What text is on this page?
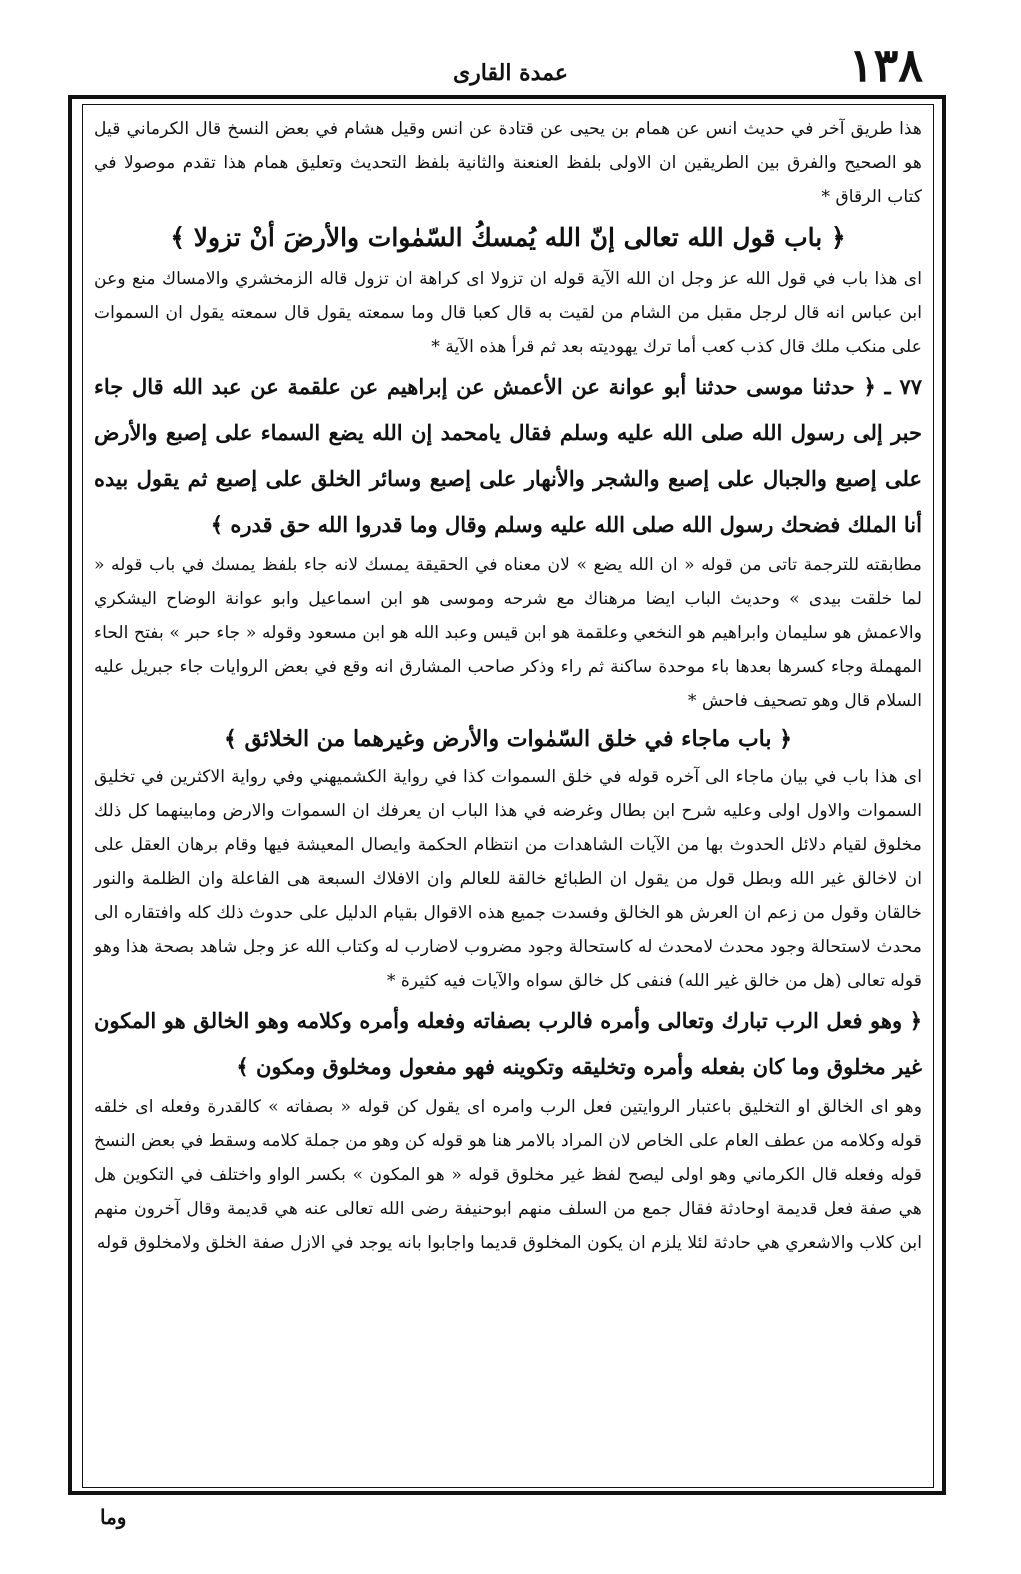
١٣٨
عمدة القاری

هذا طريق آخر في حديث انس عن همام بن يحيى عن قتادة عن انس وقيل هشام في بعض النسخ قال الكرماني قيل هو الصحيح والفرق بين الطريقين ان الاولى بلفظ العنعنة والثانية بلفظ التحديث وتعليق همام هذا تقدم موصولا في كتاب الرقاق *

﴿ باب قول الله تعالى إنّ الله يُمسكُ السّمٰوات والأرضَ أنْ تزولا ﴾

اى هذا باب في قول الله عز وجل ان الله الآية قوله ان تزولا اى كراهة ان تزول قاله الزمخشري والامساك منع وعن ابن عباس انه قال لرجل مقبل من الشام من لقيت به قال كعبا قال وما سمعته يقول قال سمعته يقول ان السموات على منكب ملك قال كذب كعب أما ترك يهوديته بعد ثم قرأ هذه الآية *

٧٧ ـ ﴿ حدثنا موسى حدثنا أبو عوانة عن الأعمش عن إبراهيم عن علقمة عن عبد الله قال جاء حبر إلى رسول الله صلى الله عليه وسلم فقال يامحمد إن الله يضع السماء على إصبع والأرض على إصبع والجبال على إصبع والشجر والأنهار على إصبع وسائر الخلق على إصبع ثم يقول بيده أنا الملك فضحك رسول الله صلى الله عليه وسلم وقال وما قدروا الله حق قدره ﴾

مطابقته للترجمة تاتى من قوله « ان الله يضع » لان معناه في الحقيقة يمسك لانه جاء بلفظ يمسك في باب قوله « لما خلقت بيدى » وحديث الباب ايضا مرهناك مع شرحه وموسى هو ابن اسماعيل وابو عوانة الوضاح اليشكري والاعمش هو سليمان وابراهيم هو النخعي وعلقمة هو ابن قيس وعبد الله هو ابن مسعود وقوله « جاء حبر » بفتح الحاء المهملة وجاء كسرها بعدها باء موحدة ساكنة ثم راء وذكر صاحب المشارق انه وقع في بعض الروايات جاء جبريل عليه السلام قال وهو تصحيف فاحش *

﴿ باب ماجاء في خلق السّمٰوات والأرض وغيرهما من الخلائق ﴾

اى هذا باب في بيان ماجاء الى آخره قوله في خلق السموات كذا في رواية الكشميهني وفي رواية الاكثرين في تخليق السموات والاول اولى وعليه شرح ابن بطال وغرضه في هذا الباب ان يعرفك ان السموات والارض ومابينهما كل ذلك مخلوق لقيام دلائل الحدوث بها من الآيات الشاهدات من انتظام الحكمة وايصال المعيشة فيها وقام برهان العقل على ان لاخالق غير الله وبطل قول من يقول ان الطبائع خالقة للعالم وان الافلاك السبعة هى الفاعلة وان الظلمة والنور خالقان وقول من زعم ان العرش هو الخالق وفسدت جميع هذه الاقوال بقيام الدليل على حدوث ذلك كله وافتقاره الى محدث لاستحالة وجود محدث لامحدث له كاستحالة وجود مضروب لاضارب له وكتاب الله عز وجل شاهد بصحة هذا وهو قوله تعالى (هل من خالق غير الله) فنفى كل خالق سواه والآيات فيه كثيرة *

﴿ وهو فعل الرب تبارك وتعالى وأمره فالرب بصفاته وفعله وأمره وكلامه وهو الخالق هو المكون غير مخلوق وما كان بفعله وأمره وتخليقه وتكوينه فهو مفعول ومخلوق ومكون ﴾

وهو اى الخالق او التخليق باعتبار الروايتين فعل الرب وامره اى يقول كن قوله « بصفاته » كالقدرة وفعله اى خلقه قوله وكلامه من عطف العام على الخاص لان المراد بالامر هنا هو قوله كن وهو من جملة كلامه وسقط في بعض النسخ قوله وفعله قال الكرماني وهو اولى ليصح لفظ غير مخلوق قوله « هو المكون » بكسر الواو واختلف في التكوين هل هي صفة فعل قديمة اوحادثة فقال جمع من السلف منهم ابوحنيفة رضى الله تعالى عنه هي قديمة وقال آخرون منهم ابن كلاب والاشعري هي حادثة لئلا يلزم ان يكون المخلوق قديما واجابوا بانه يوجد في الازل صفة الخلق ولامخلوق قوله

وما
